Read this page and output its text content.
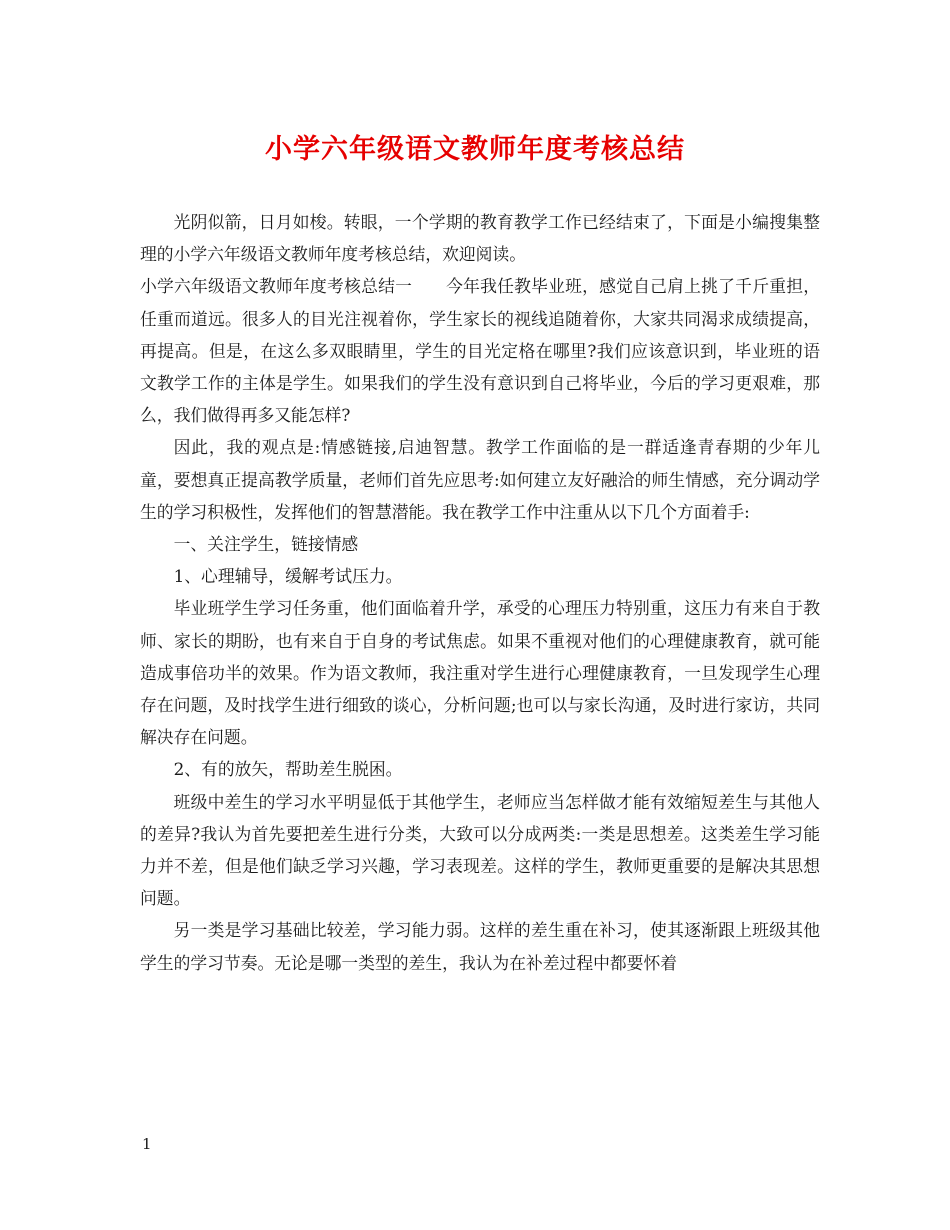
小学六年级语文教师年度考核总结

光阴似箭，日月如梭。转眼，一个学期的教育教学工作已经结束了，下面是小编搜集整理的小学六年级语文教师年度考核总结，欢迎阅读。

小学六年级语文教师年度考核总结一　　今年我任教毕业班，感觉自己肩上挑了千斤重担，任重而道远。很多人的目光注视着你，学生家长的视线追随着你，大家共同渴求成绩提高，再提高。但是，在这么多双眼睛里，学生的目光定格在哪里?我们应该意识到，毕业班的语文教学工作的主体是学生。如果我们的学生没有意识到自己将毕业，今后的学习更艰难，那么，我们做得再多又能怎样?

因此，我的观点是:情感链接,启迪智慧。教学工作面临的是一群适逢青春期的少年儿童，要想真正提高教学质量，老师们首先应思考:如何建立友好融洽的师生情感，充分调动学生的学习积极性，发挥他们的智慧潜能。我在教学工作中注重从以下几个方面着手:

一、关注学生，链接情感

1、心理辅导，缓解考试压力。

毕业班学生学习任务重，他们面临着升学，承受的心理压力特别重，这压力有来自于教师、家长的期盼，也有来自于自身的考试焦虑。如果不重视对他们的心理健康教育，就可能造成事倍功半的效果。作为语文教师，我注重对学生进行心理健康教育，一旦发现学生心理存在问题，及时找学生进行细致的谈心，分析问题;也可以与家长沟通，及时进行家访，共同解决存在问题。

2、有的放矢，帮助差生脱困。

班级中差生的学习水平明显低于其他学生，老师应当怎样做才能有效缩短差生与其他人的差异?我认为首先要把差生进行分类，大致可以分成两类:一类是思想差。这类差生学习能力并不差，但是他们缺乏学习兴趣，学习表现差。这样的学生，教师更重要的是解决其思想问题。

另一类是学习基础比较差，学习能力弱。这样的差生重在补习，使其逐渐跟上班级其他学生的学习节奏。无论是哪一类型的差生，我认为在补差过程中都要怀着

1
